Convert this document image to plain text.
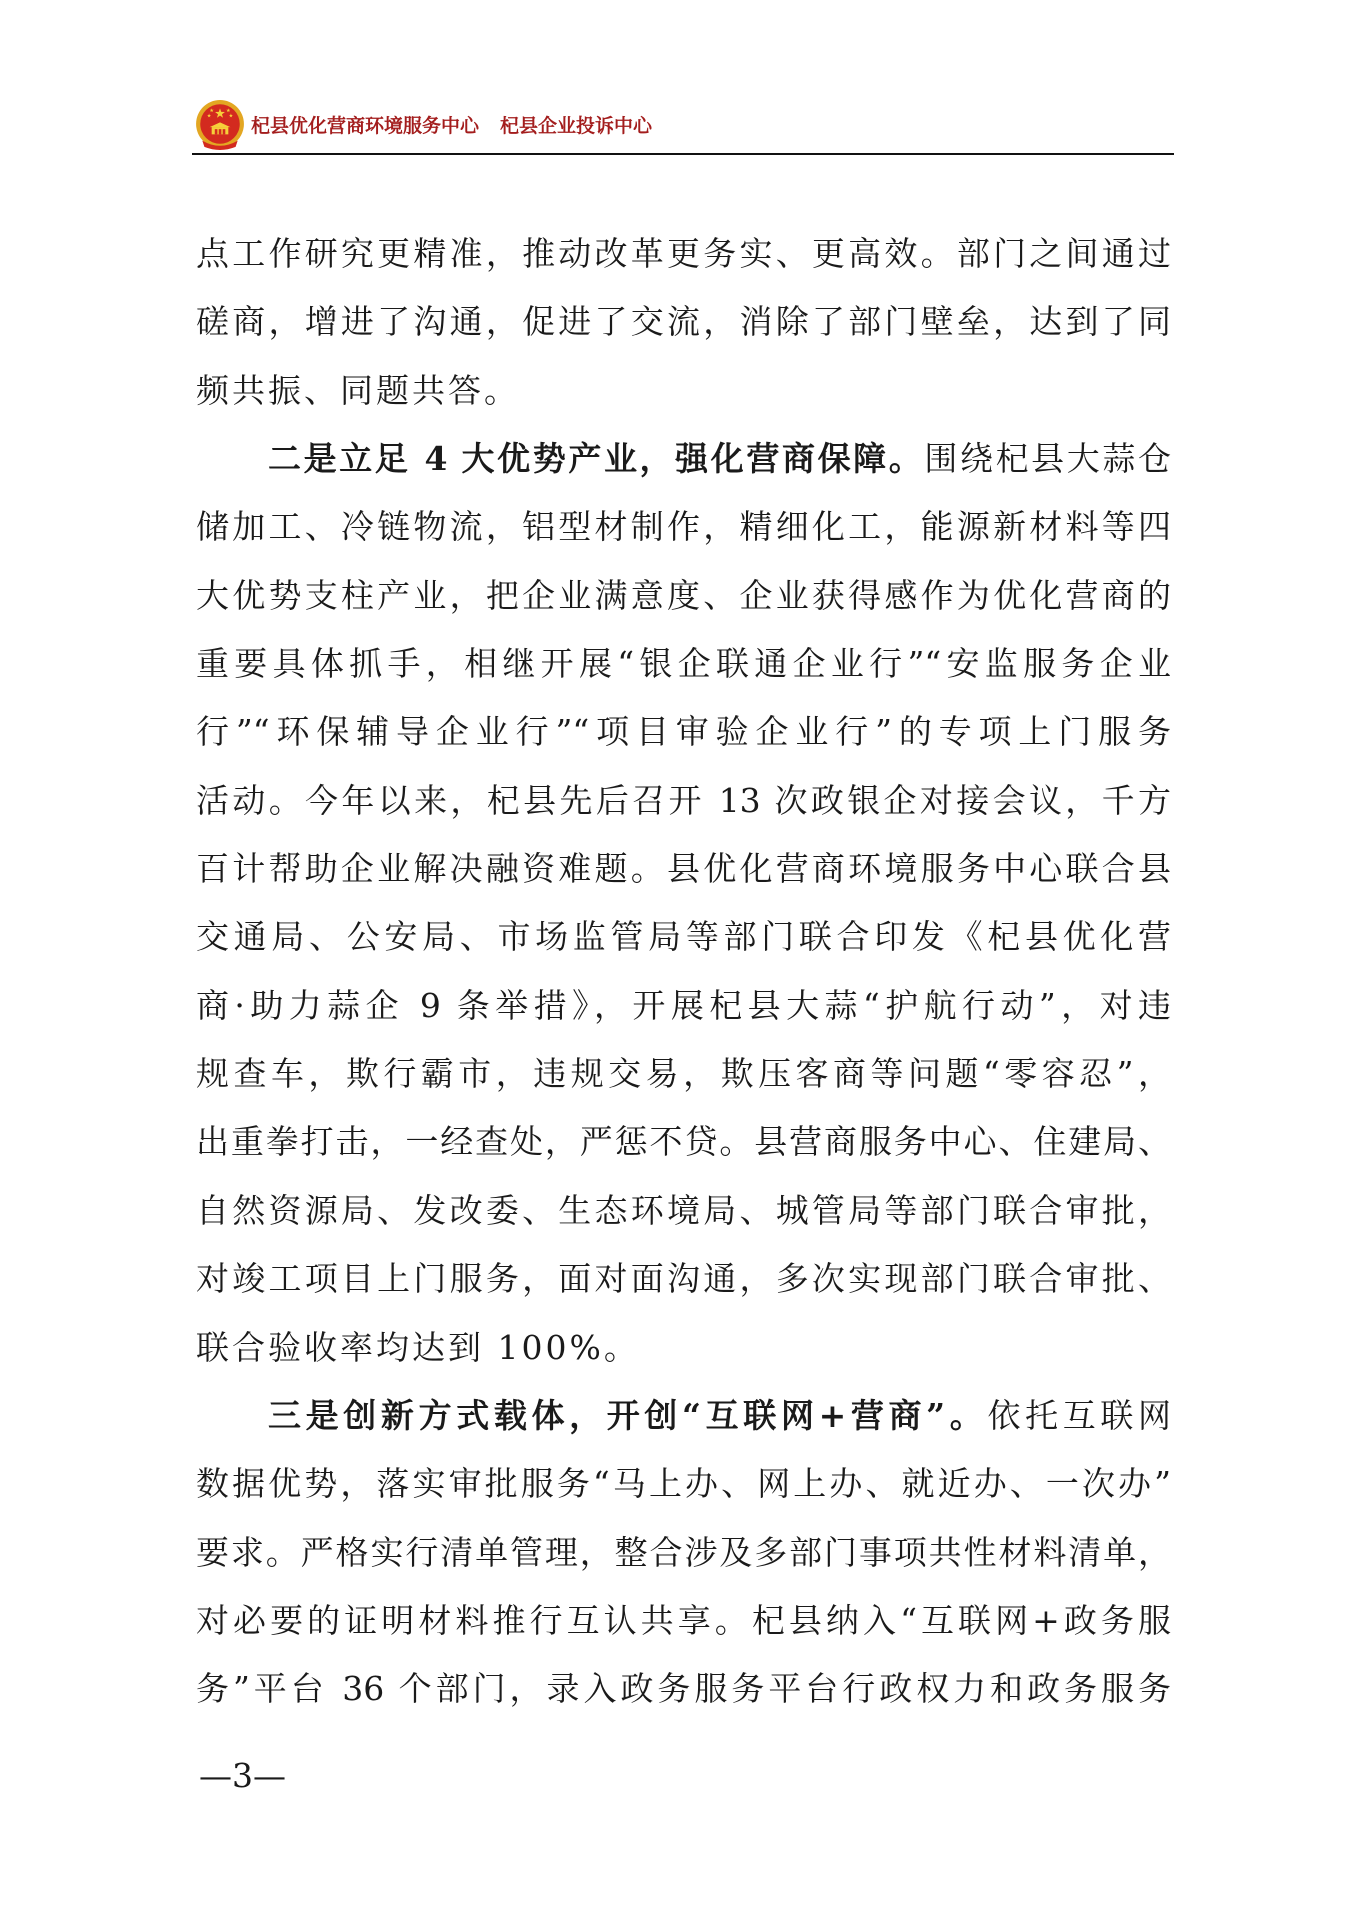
杞县优化营商环境服务中心 杞县企业投诉中心
点工作研究更精准，推动改革更务实、更高效。部门之间通过
磋商，增进了沟通，促进了交流，消除了部门壁垒，达到了同
频共振、同题共答。
二是立足 4 大优势产业，强化营商保障。围绕杞县大蒜仓
储加工、冷链物流，铝型材制作，精细化工，能源新材料等四
大优势支柱产业，把企业满意度、企业获得感作为优化营商的
重要具体抓手，相继开展“银企联通企业行”“安监服务企业
行”“环保辅导企业行”“项目审验企业行”的专项上门服务
活动。今年以来，杞县先后召开 13 次政银企对接会议，千方
百计帮助企业解决融资难题。县优化营商环境服务中心联合县
交通局、公安局、市场监管局等部门联合印发《杞县优化营
商·助力蒜企 9 条举措》，开展杞县大蒜“护航行动”，对违
规查车，欺行霸市，违规交易，欺压客商等问题“零容忍”，
出重拳打击，一经查处，严惩不贷。县营商服务中心、住建局、
自然资源局、发改委、生态环境局、城管局等部门联合审批，
对竣工项目上门服务，面对面沟通，多次实现部门联合审批、
联合验收率均达到 100%。
三是创新方式载体，开创“互联网+营商”。依托互联网
数据优势，落实审批服务“马上办、网上办、就近办、一次办”
要求。严格实行清单管理，整合涉及多部门事项共性材料清单，
对必要的证明材料推行互认共享。杞县纳入“互联网+政务服
务”平台 36 个部门，录入政务服务平台行政权力和政务服务
—3—
